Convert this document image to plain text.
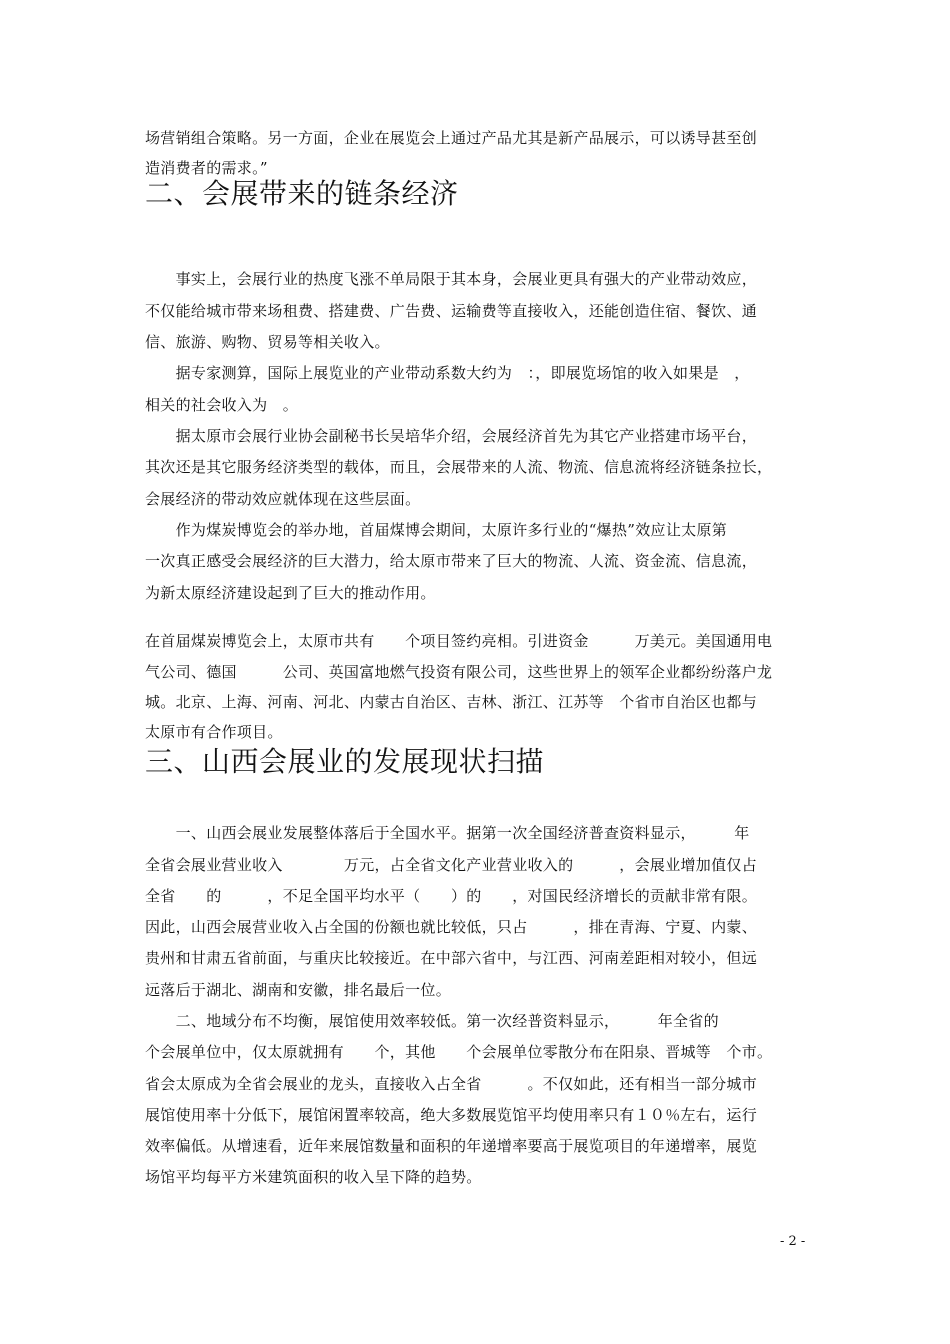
场营销组合策略。另一方面，企业在展览会上通过产品尤其是新产品展示，可以诱导甚至创

造消费者的需求。”

二、会展带来的链条经济

　　事实上，会展行业的热度飞涨不单局限于其本身，会展业更具有强大的产业带动效应，

不仅能给城市带来场租费、搭建费、广告费、运输费等直接收入，还能创造住宿、餐饮、通

信、旅游、购物、贸易等相关收入。

　　据专家测算，国际上展览业的产业带动系数大约为　：，即展览场馆的收入如果是　，

相关的社会收入为　。

　　据太原市会展行业协会副秘书长吴培华介绍，会展经济首先为其它产业搭建市场平台，

其次还是其它服务经济类型的载体，而且，会展带来的人流、物流、信息流将经济链条拉长，

会展经济的带动效应就体现在这些层面。

　　作为煤炭博览会的举办地，首届煤博会期间，太原许多行业的“爆热”效应让太原第

一次真正感受会展经济的巨大潜力，给太原市带来了巨大的物流、人流、资金流、信息流，

为新太原经济建设起到了巨大的推动作用。

在首届煤炭博览会上，太原市共有　　个项目签约亮相。引进资金　　　万美元。美国通用电

气公司、德国　　　公司、英国富地燃气投资有限公司，这些世界上的领军企业都纷纷落户龙

城。北京、上海、河南、河北、内蒙古自治区、吉林、浙江、江苏等　个省市自治区也都与

太原市有合作项目。

三、山西会展业的发展现状扫描

　　一、山西会展业发展整体落后于全国水平。据第一次全国经济普查资料显示，　　　年

全省会展业营业收入　　　　万元，占全省文化产业营业收入的　　　，会展业增加值仅占

全省　　的　　　，不足全国平均水平（　　）的　　，对国民经济增长的贡献非常有限。

因此，山西会展营业收入占全国的份额也就比较低，只占　　　，排在青海、宁夏、内蒙、

贵州和甘肃五省前面，与重庆比较接近。在中部六省中，与江西、河南差距相对较小，但远

远落后于湖北、湖南和安徽，排名最后一位。

　　二、地域分布不均衡，展馆使用效率较低。第一次经普资料显示，　　　年全省的

个会展单位中，仅太原就拥有　　个，其他　　个会展单位零散分布在阳泉、晋城等　个市。

省会太原成为全省会展业的龙头，直接收入占全省　　　。不仅如此，还有相当一部分城市

展馆使用率十分低下，展馆闲置率较高，绝大多数展览馆平均使用率只有１０％左右，运行

效率偏低。从增速看，近年来展馆数量和面积的年递增率要高于展览项目的年递增率，展览

场馆平均每平方米建筑面积的收入呈下降的趋势。

- 2 -
